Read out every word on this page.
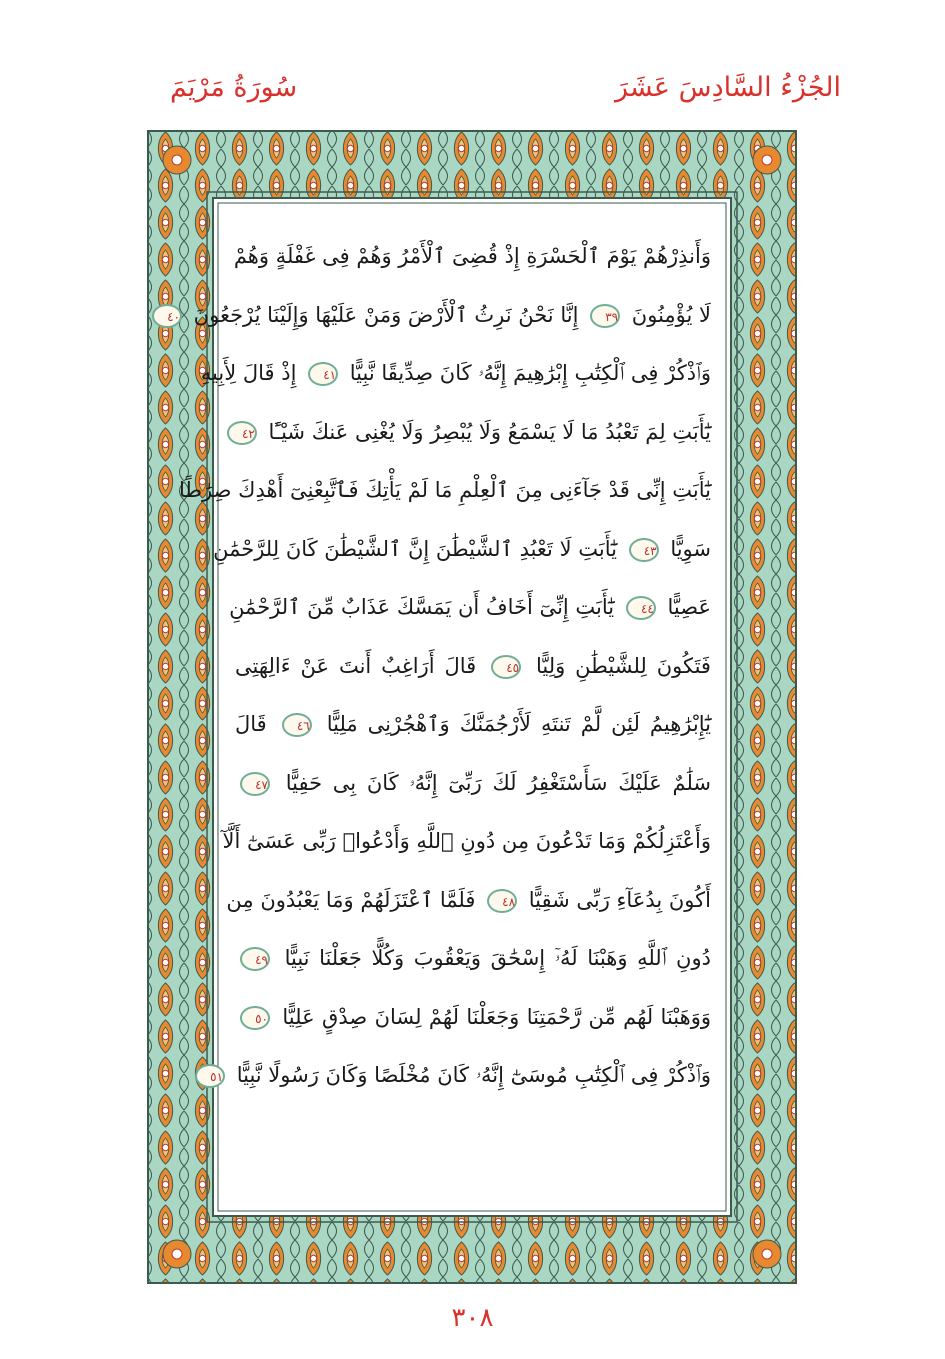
الجُزْءُ السَّادِسَ عَشَرَ
سُورَةُ مَرْيَمَ
وَأَنذِرْهُمْ يَوْمَ ٱلْحَسْرَةِ إِذْ قُضِىَ ٱلْأَمْرُ وَهُمْ فِى غَفْلَةٍ وَهُمْ
لَا يُؤْمِنُونَ ٣٩ إِنَّا نَحْنُ نَرِثُ ٱلْأَرْضَ وَمَنْ عَلَيْهَا وَإِلَيْنَا يُرْجَعُونَ ٤٠
وَٱذْكُرْ فِى ٱلْكِتَٰبِ إِبْرَٰهِيمَ إِنَّهُۥ كَانَ صِدِّيقًا نَّبِيًّا ٤١ إِذْ قَالَ لِأَبِيهِ
يَٰٓأَبَتِ لِمَ تَعْبُدُ مَا لَا يَسْمَعُ وَلَا يُبْصِرُ وَلَا يُغْنِى عَنكَ شَيْـًٔا ٤٢
يَٰٓأَبَتِ إِنِّى قَدْ جَآءَنِى مِنَ ٱلْعِلْمِ مَا لَمْ يَأْتِكَ فَٱتَّبِعْنِىٓ أَهْدِكَ صِرَٰطًا
سَوِيًّا ٤٣ يَٰٓأَبَتِ لَا تَعْبُدِ ٱلشَّيْطَٰنَ إِنَّ ٱلشَّيْطَٰنَ كَانَ لِلرَّحْمَٰنِ
عَصِيًّا ٤٤ يَٰٓأَبَتِ إِنِّىٓ أَخَافُ أَن يَمَسَّكَ عَذَابٌ مِّنَ ٱلرَّحْمَٰنِ
فَتَكُونَ لِلشَّيْطَٰنِ وَلِيًّا ٤٥ قَالَ أَرَاغِبٌ أَنتَ عَنْ ءَالِهَتِى
يَٰٓإِبْرَٰهِيمُ لَئِن لَّمْ تَنتَهِ لَأَرْجُمَنَّكَ وَٱهْجُرْنِى مَلِيًّا ٤٦ قَالَ
سَلَٰمٌ عَلَيْكَ سَأَسْتَغْفِرُ لَكَ رَبِّىٓ إِنَّهُۥ كَانَ بِى حَفِيًّا ٤٧
وَأَعْتَزِلُكُمْ وَمَا تَدْعُونَ مِن دُونِ ٱللَّهِ وَأَدْعُوا۟ رَبِّى عَسَىٰٓ أَلَّآ
أَكُونَ بِدُعَآءِ رَبِّى شَقِيًّا ٤٨ فَلَمَّا ٱعْتَزَلَهُمْ وَمَا يَعْبُدُونَ مِن
دُونِ ٱللَّهِ وَهَبْنَا لَهُۥٓ إِسْحَٰقَ وَيَعْقُوبَ وَكُلًّا جَعَلْنَا نَبِيًّا ٤٩
وَوَهَبْنَا لَهُم مِّن رَّحْمَتِنَا وَجَعَلْنَا لَهُمْ لِسَانَ صِدْقٍ عَلِيًّا ٥٠
وَٱذْكُرْ فِى ٱلْكِتَٰبِ مُوسَىٰٓ إِنَّهُۥ كَانَ مُخْلَصًا وَكَانَ رَسُولًا نَّبِيًّا ٥١
٣٠٨
